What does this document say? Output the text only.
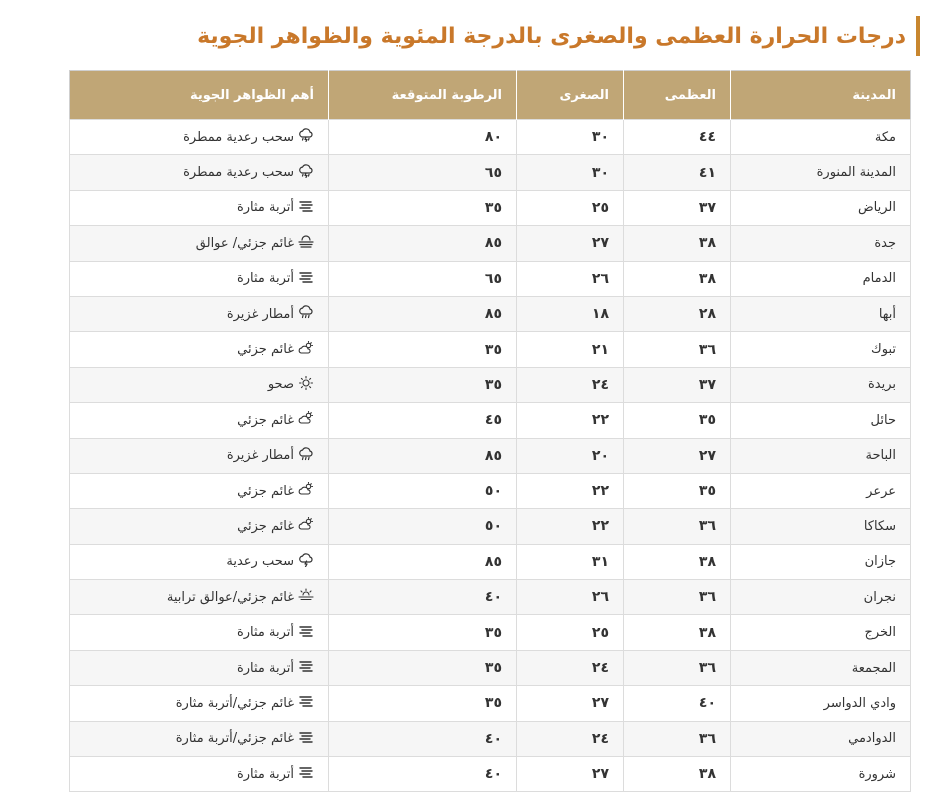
درجات الحرارة العظمى والصغرى بالدرجة المئوية والظواهر الجوية
المدينة	العظمى	الصغرى	الرطوبة المتوقعة	أهم الظواهر الجوية
مكة	٤٤	٣٠	٨٠	سحب رعدية ممطرة

المدينة المنورة	٤١	٣٠	٦٥	سحب رعدية ممطرة

الرياض	٣٧	٢٥	٣٥	أتربة مثارة

جدة	٣٨	٢٧	٨٥	غائم جزئي/ عوالق

الدمام	٣٨	٢٦	٦٥	أتربة مثارة

أبها	٢٨	١٨	٨٥	أمطار غزيرة

تبوك	٣٦	٢١	٣٥	غائم جزئي

بريدة	٣٧	٢٤	٣٥	صحو

حائل	٣٥	٢٢	٤٥	غائم جزئي

الباحة	٢٧	٢٠	٨٥	أمطار غزيرة

عرعر	٣٥	٢٢	٥٠	غائم جزئي

سكاكا	٣٦	٢٢	٥٠	غائم جزئي

جازان	٣٨	٣١	٨٥	سحب رعدية

نجران	٣٦	٢٦	٤٠	غائم جزئي/عوالق ترابية

الخرج	٣٨	٢٥	٣٥	أتربة مثارة

المجمعة	٣٦	٢٤	٣٥	أتربة مثارة

وادي الدواسر	٤٠	٢٧	٣٥	غائم جزئي/أتربة مثارة

الدوادمي	٣٦	٢٤	٤٠	غائم جزئي/أتربة مثارة

شرورة	٣٨	٢٧	٤٠	أتربة مثارة
